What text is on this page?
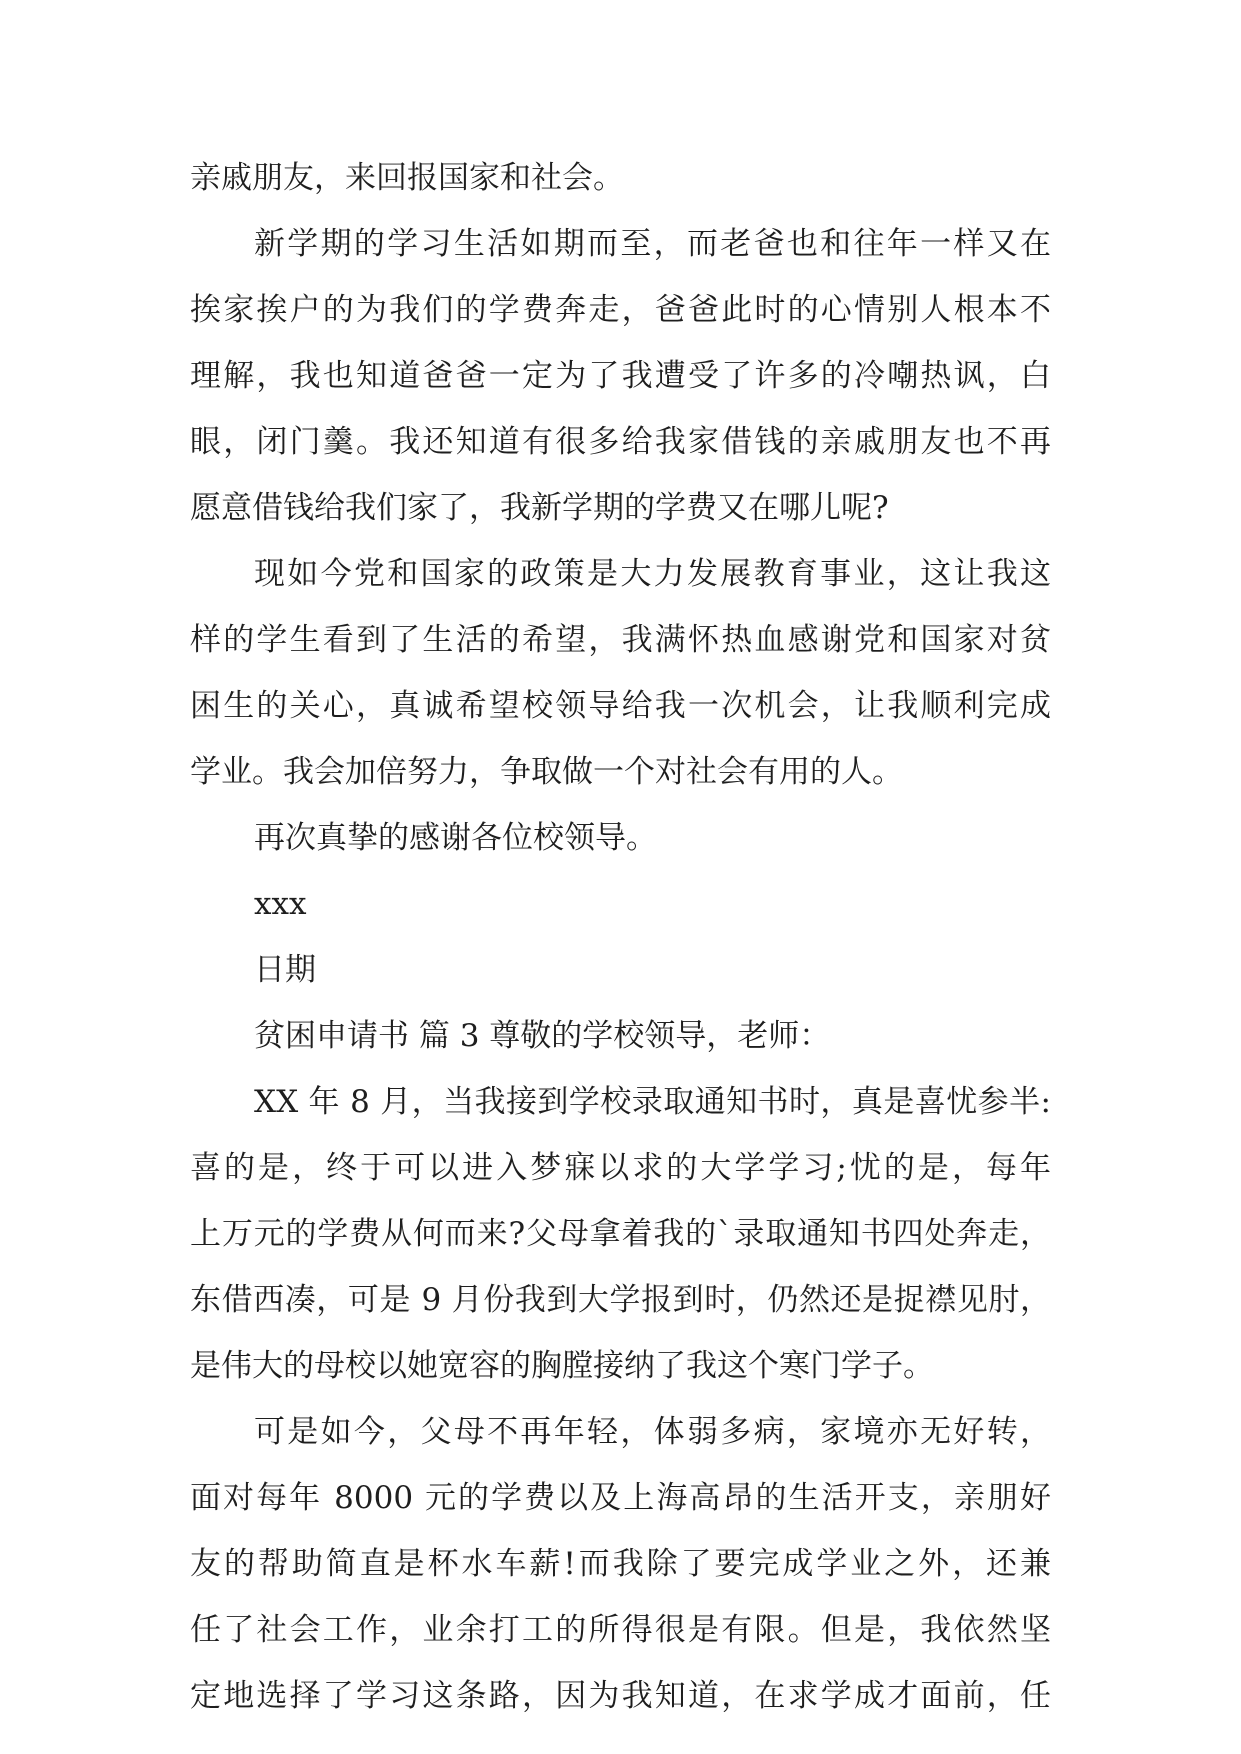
亲戚朋友，来回报国家和社会。

新学期的学习生活如期而至，而老爸也和往年一样又在

挨家挨户的为我们的学费奔走，爸爸此时的心情别人根本不

理解，我也知道爸爸一定为了我遭受了许多的冷嘲热讽，白

眼，闭门羹。我还知道有很多给我家借钱的亲戚朋友也不再

愿意借钱给我们家了，我新学期的学费又在哪儿呢?

现如今党和国家的政策是大力发展教育事业，这让我这

样的学生看到了生活的希望，我满怀热血感谢党和国家对贫

困生的关心，真诚希望校领导给我一次机会，让我顺利完成

学业。我会加倍努力，争取做一个对社会有用的人。

再次真挚的感谢各位校领导。

xxx

日期

贫困申请书 篇 3 尊敬的学校领导，老师：

XX 年 8 月，当我接到学校录取通知书时，真是喜忧参半:

喜的是，终于可以进入梦寐以求的大学学习;忧的是，每年

上万元的学费从何而来?父母拿着我的`录取通知书四处奔走，

东借西凑，可是 9 月份我到大学报到时，仍然还是捉襟见肘，

是伟大的母校以她宽容的胸膛接纳了我这个寒门学子。

可是如今，父母不再年轻，体弱多病，家境亦无好转，

面对每年 8000 元的学费以及上海高昂的生活开支，亲朋好

友的帮助简直是杯水车薪!而我除了要完成学业之外，还兼

任了社会工作，业余打工的所得很是有限。但是，我依然坚

定地选择了学习这条路，因为我知道，在求学成才面前，任
